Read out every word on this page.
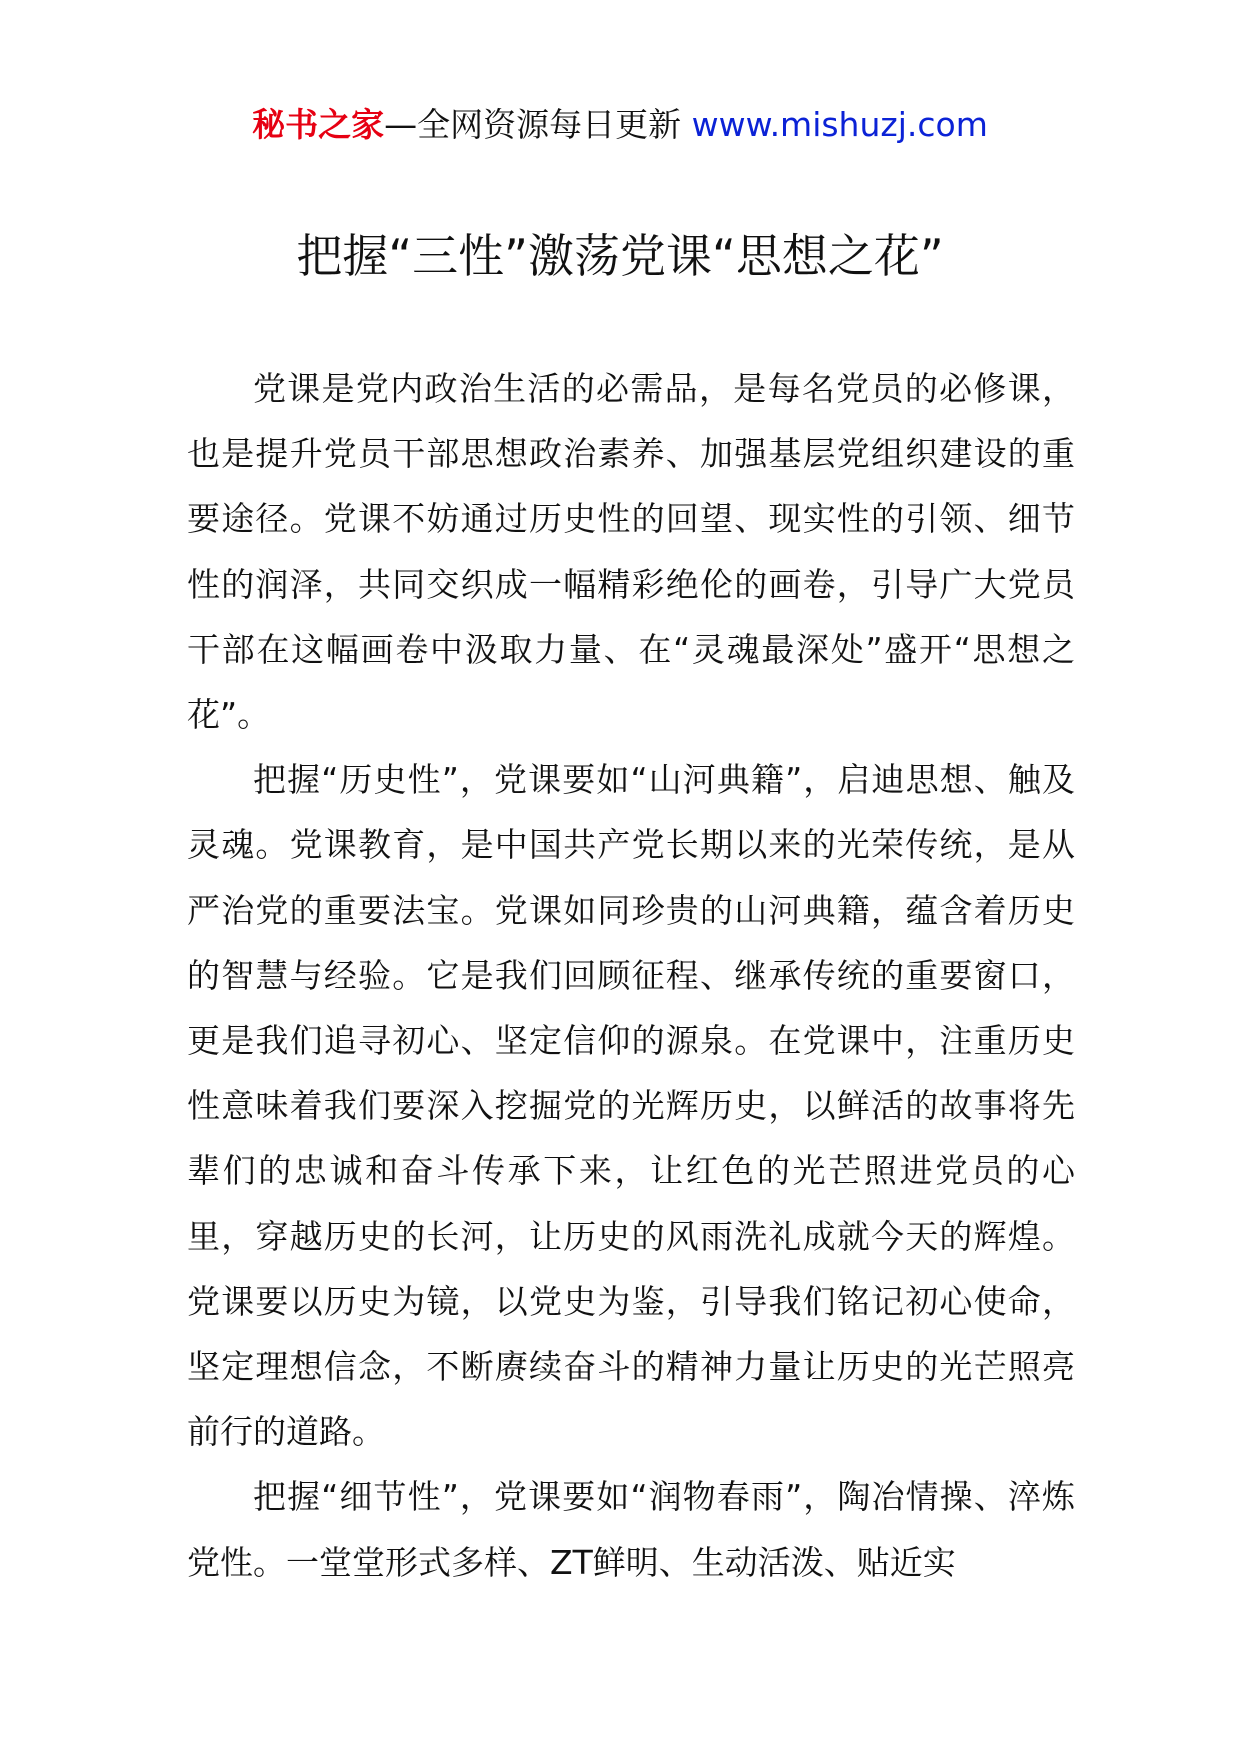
秘书之家—全网资源每日更新 www.mishuzj.com
把握“三性”激荡党课“思想之花”

党课是党内政治生活的必需品，是每名党员的必修课，也是提升党员干部思想政治素养、加强基层党组织建设的重要途径。党课不妨通过历史性的回望、现实性的引领、细节性的润泽，共同交织成一幅精彩绝伦的画卷，引导广大党员干部在这幅画卷中汲取力量、在“灵魂最深处”盛开“思想之花”。

把握“历史性”，党课要如“山河典籍”，启迪思想、触及灵魂。党课教育，是中国共产党长期以来的光荣传统，是从严治党的重要法宝。党课如同珍贵的山河典籍，蕴含着历史的智慧与经验。它是我们回顾征程、继承传统的重要窗口，更是我们追寻初心、坚定信仰的源泉。在党课中，注重历史性意味着我们要深入挖掘党的光辉历史，以鲜活的故事将先辈们的忠诚和奋斗传承下来，让红色的光芒照进党员的心里，穿越历史的长河，让历史的风雨洗礼成就今天的辉煌。党课要以历史为镜，以党史为鉴，引导我们铭记初心使命，坚定理想信念，不断赓续奋斗的精神力量让历史的光芒照亮前行的道路。

把握“细节性”，党课要如“润物春雨”，陶冶情操、淬炼党性。一堂堂形式多样、ZT鲜明、生动活泼、贴近实
